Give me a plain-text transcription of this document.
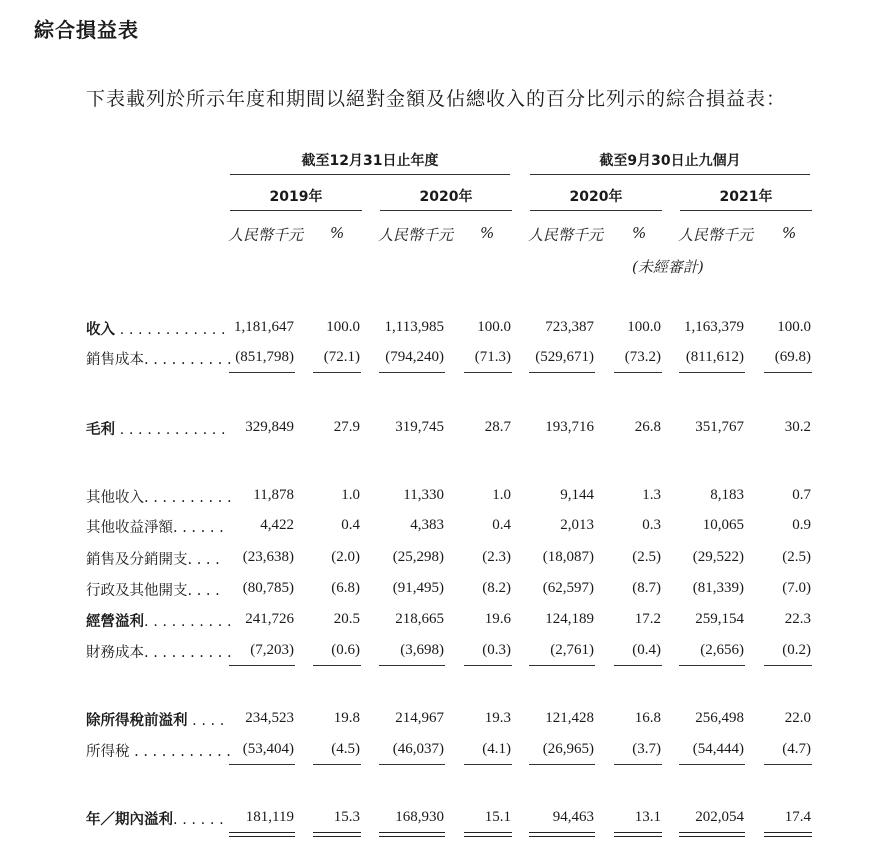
綜合損益表
下表載列於所示年度和期間以絕對金額及佔總收入的百分比列示的綜合損益表：
截至12月31日止年度	截至9月30日止九個月
2019年	2020年	2020年	2021年
人民幣千元 % 人民幣千元 % 人民幣千元 % 人民幣千元 %
(未經審計)
收入 . . . . . . . . . . . . 1,181,647	100.0	1,113,985	100.0	723,387	100.0	1,163,379	100.0
銷售成本. . . . . . . . . . (851,798)	(72.1)	(794,240)	(71.3)	(529,671)	(73.2)	(811,612)	(69.8)
毛利 . . . . . . . . . . . .	329,849	27.9	319,745	28.7	193,716	26.8	351,767	30.2
其他收入. . . . . . . . . .	11,878	1.0	11,330	1.0	9,144	1.3	8,183	0.7
其他收益淨額. . . . . .	4,422	0.4	4,383	0.4	2,013	0.3	10,065	0.9
銷售及分銷開支. . . .	(23,638)	(2.0)	(25,298)	(2.3)	(18,087)	(2.5)	(29,522)	(2.5)
行政及其他開支. . . .	(80,785)	(6.8)	(91,495)	(8.2)	(62,597)	(8.7)	(81,339)	(7.0)
經營溢利. . . . . . . . . . 241,726	20.5	218,665	19.6	124,189	17.2	259,154	22.3
財務成本. . . . . . . . . .	(7,203)	(0.6)	(3,698)	(0.3)	(2,761)	(0.4)	(2,656)	(0.2)
除所得稅前溢利 . . . .	234,523	19.8	214,967	19.3	121,428	16.8	256,498	22.0
所得稅 . . . . . . . . . . . (53,404)	(4.5)	(46,037)	(4.1)	(26,965)	(3.7)	(54,444)	(4.7)
年／期內溢利. . . . . .	181,119	15.3	168,930	15.1	94,463	13.1	202,054	17.4
